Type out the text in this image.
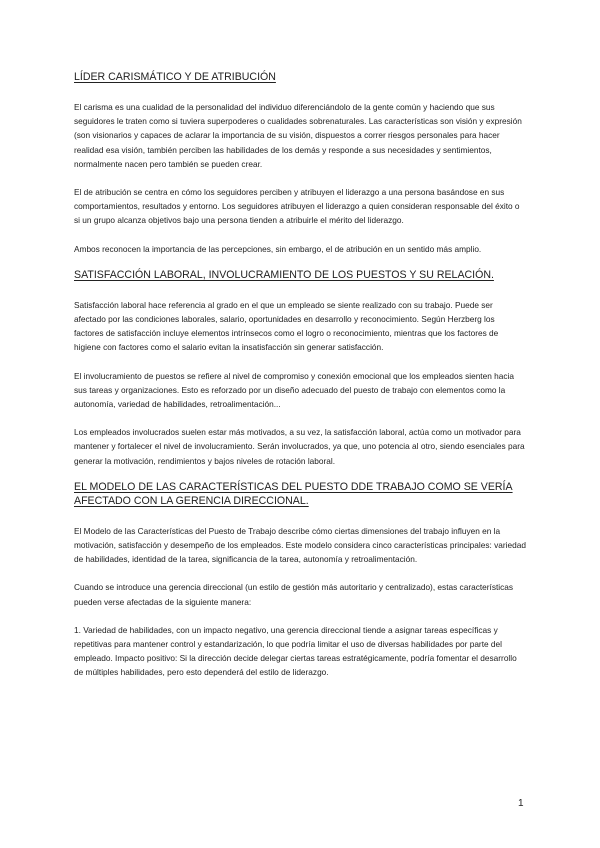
LÍDER CARISMÁTICO Y DE ATRIBUCIÓN

El carisma es una cualidad de la personalidad del individuo diferenciándolo de la gente común y haciendo que sus seguidores le traten como si tuviera superpoderes o cualidades sobrenaturales. Las características son visión y expresión (son visionarios y capaces de aclarar la importancia de su visión, dispuestos a correr riesgos personales para hacer realidad esa visión, también perciben las habilidades de los demás y responde a sus necesidades y sentimientos, normalmente nacen pero también se pueden crear.

El de atribución se centra en cómo los seguidores perciben y atribuyen el liderazgo a una persona basándose en sus comportamientos, resultados y entorno. Los seguidores atribuyen el liderazgo a quien consideran responsable del éxito o si un grupo alcanza objetivos bajo una persona tienden a atribuirle el mérito del liderazgo.

Ambos reconocen la importancia de las percepciones, sin embargo, el de atribución en un sentido más amplio.

SATISFACCIÓN LABORAL, INVOLUCRAMIENTO DE LOS PUESTOS Y SU RELACIÓN.

Satisfacción laboral hace referencia al grado en el que un empleado se siente realizado con su trabajo. Puede ser afectado por las condiciones laborales, salario, oportunidades en desarrollo y reconocimiento. Según Herzberg los factores de satisfacción incluye elementos intrínsecos como el logro o reconocimiento, mientras que los factores de higiene con factores como el salario evitan la insatisfacción sin generar satisfacción.

El involucramiento de puestos se refiere al nivel de compromiso y conexión emocional que los empleados sienten hacia sus tareas y organizaciones. Esto es reforzado por un diseño adecuado del puesto de trabajo con elementos como la autonomía, variedad de habilidades, retroalimentación...

Los empleados involucrados suelen estar más motivados, a su vez, la satisfacción laboral, actúa como un motivador para mantener y fortalecer el nivel de involucramiento. Serán involucrados, ya que, uno potencia al otro, siendo esenciales para generar la motivación, rendimientos y bajos niveles de rotación laboral.

EL MODELO DE LAS CARACTERÍSTICAS DEL PUESTO DDE TRABAJO COMO SE VERÍA AFECTADO CON LA GERENCIA DIRECCIONAL.

El Modelo de las Características del Puesto de Trabajo describe cómo ciertas dimensiones del trabajo influyen en la motivación, satisfacción y desempeño de los empleados. Este modelo considera cinco características principales: variedad de habilidades, identidad de la tarea, significancia de la tarea, autonomía y retroalimentación.

Cuando se introduce una gerencia direccional (un estilo de gestión más autoritario y centralizado), estas características pueden verse afectadas de la siguiente manera:

1. Variedad de habilidades, con un impacto negativo, una gerencia direccional tiende a asignar tareas específicas y repetitivas para mantener control y estandarización, lo que podría limitar el uso de diversas habilidades por parte del empleado. Impacto positivo: Si la dirección decide delegar ciertas tareas estratégicamente, podría fomentar el desarrollo de múltiples habilidades, pero esto dependerá del estilo de liderazgo.

1
